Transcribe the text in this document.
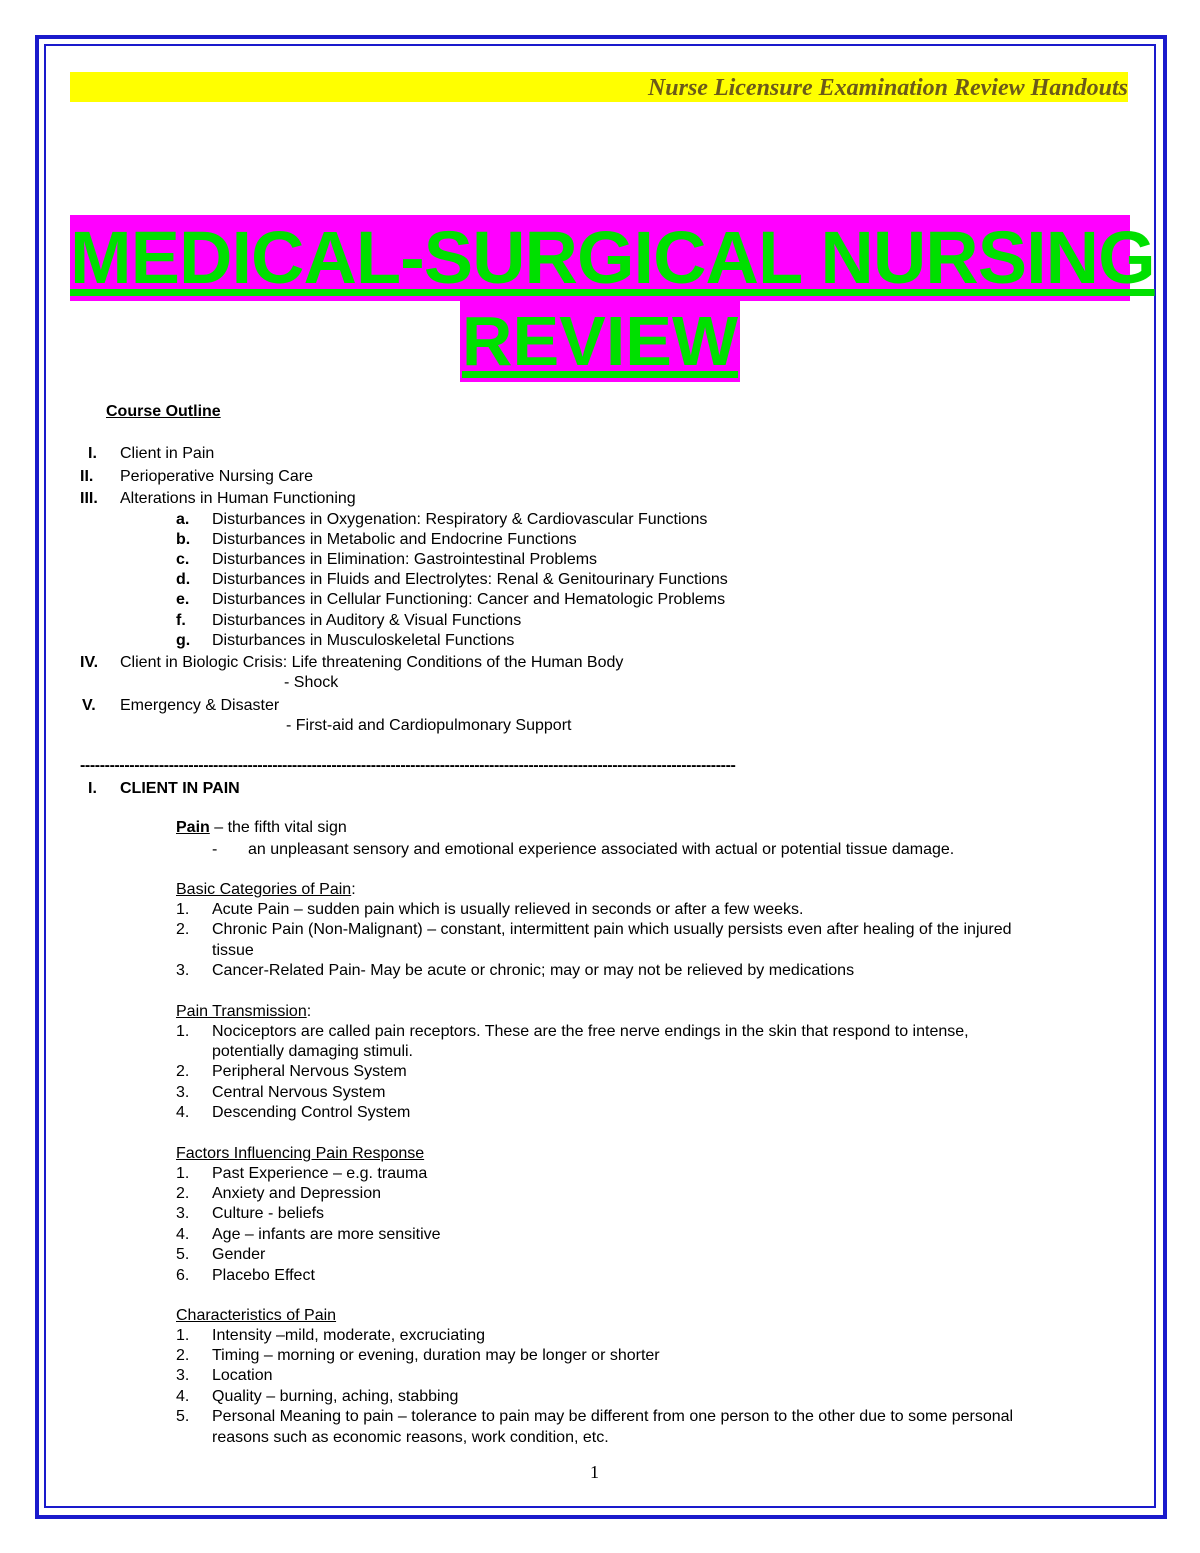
Nurse Licensure Examination Review Handouts
MEDICAL-SURGICAL NURSING
REVIEW
Course Outline
I. Client in Pain
II. Perioperative Nursing Care
III. Alterations in Human Functioning
a. Disturbances in Oxygenation: Respiratory & Cardiovascular Functions
b. Disturbances in Metabolic and Endocrine Functions
c. Disturbances in Elimination: Gastrointestinal Problems
d. Disturbances in Fluids and Electrolytes: Renal & Genitourinary Functions
e. Disturbances in Cellular Functioning: Cancer and Hematologic Problems
f. Disturbances in Auditory & Visual Functions
g. Disturbances in Musculoskeletal Functions
IV. Client in Biologic Crisis: Life threatening Conditions of the Human Body
- Shock
V. Emergency & Disaster
- First-aid and Cardiopulmonary Support
-------------------------------------------------------------------------------------------------------------------------------------
I. CLIENT IN PAIN
Pain – the fifth vital sign
- an unpleasant sensory and emotional experience associated with actual or potential tissue damage.
Basic Categories of Pain:
1. Acute Pain – sudden pain which is usually relieved in seconds or after a few weeks.
2. Chronic Pain (Non-Malignant) – constant, intermittent pain which usually persists even after healing of the injured
tissue
3. Cancer-Related Pain- May be acute or chronic; may or may not be relieved by medications
Pain Transmission:
1. Nociceptors are called pain receptors. These are the free nerve endings in the skin that respond to intense,
potentially damaging stimuli.
2. Peripheral Nervous System
3. Central Nervous System
4. Descending Control System
Factors Influencing Pain Response
1. Past Experience – e.g. trauma
2. Anxiety and Depression
3. Culture - beliefs
4. Age – infants are more sensitive
5. Gender
6. Placebo Effect
Characteristics of Pain
1. Intensity –mild, moderate, excruciating
2. Timing – morning or evening, duration may be longer or shorter
3. Location
4. Quality – burning, aching, stabbing
5. Personal Meaning to pain – tolerance to pain may be different from one person to the other due to some personal
reasons such as economic reasons, work condition, etc.
1
